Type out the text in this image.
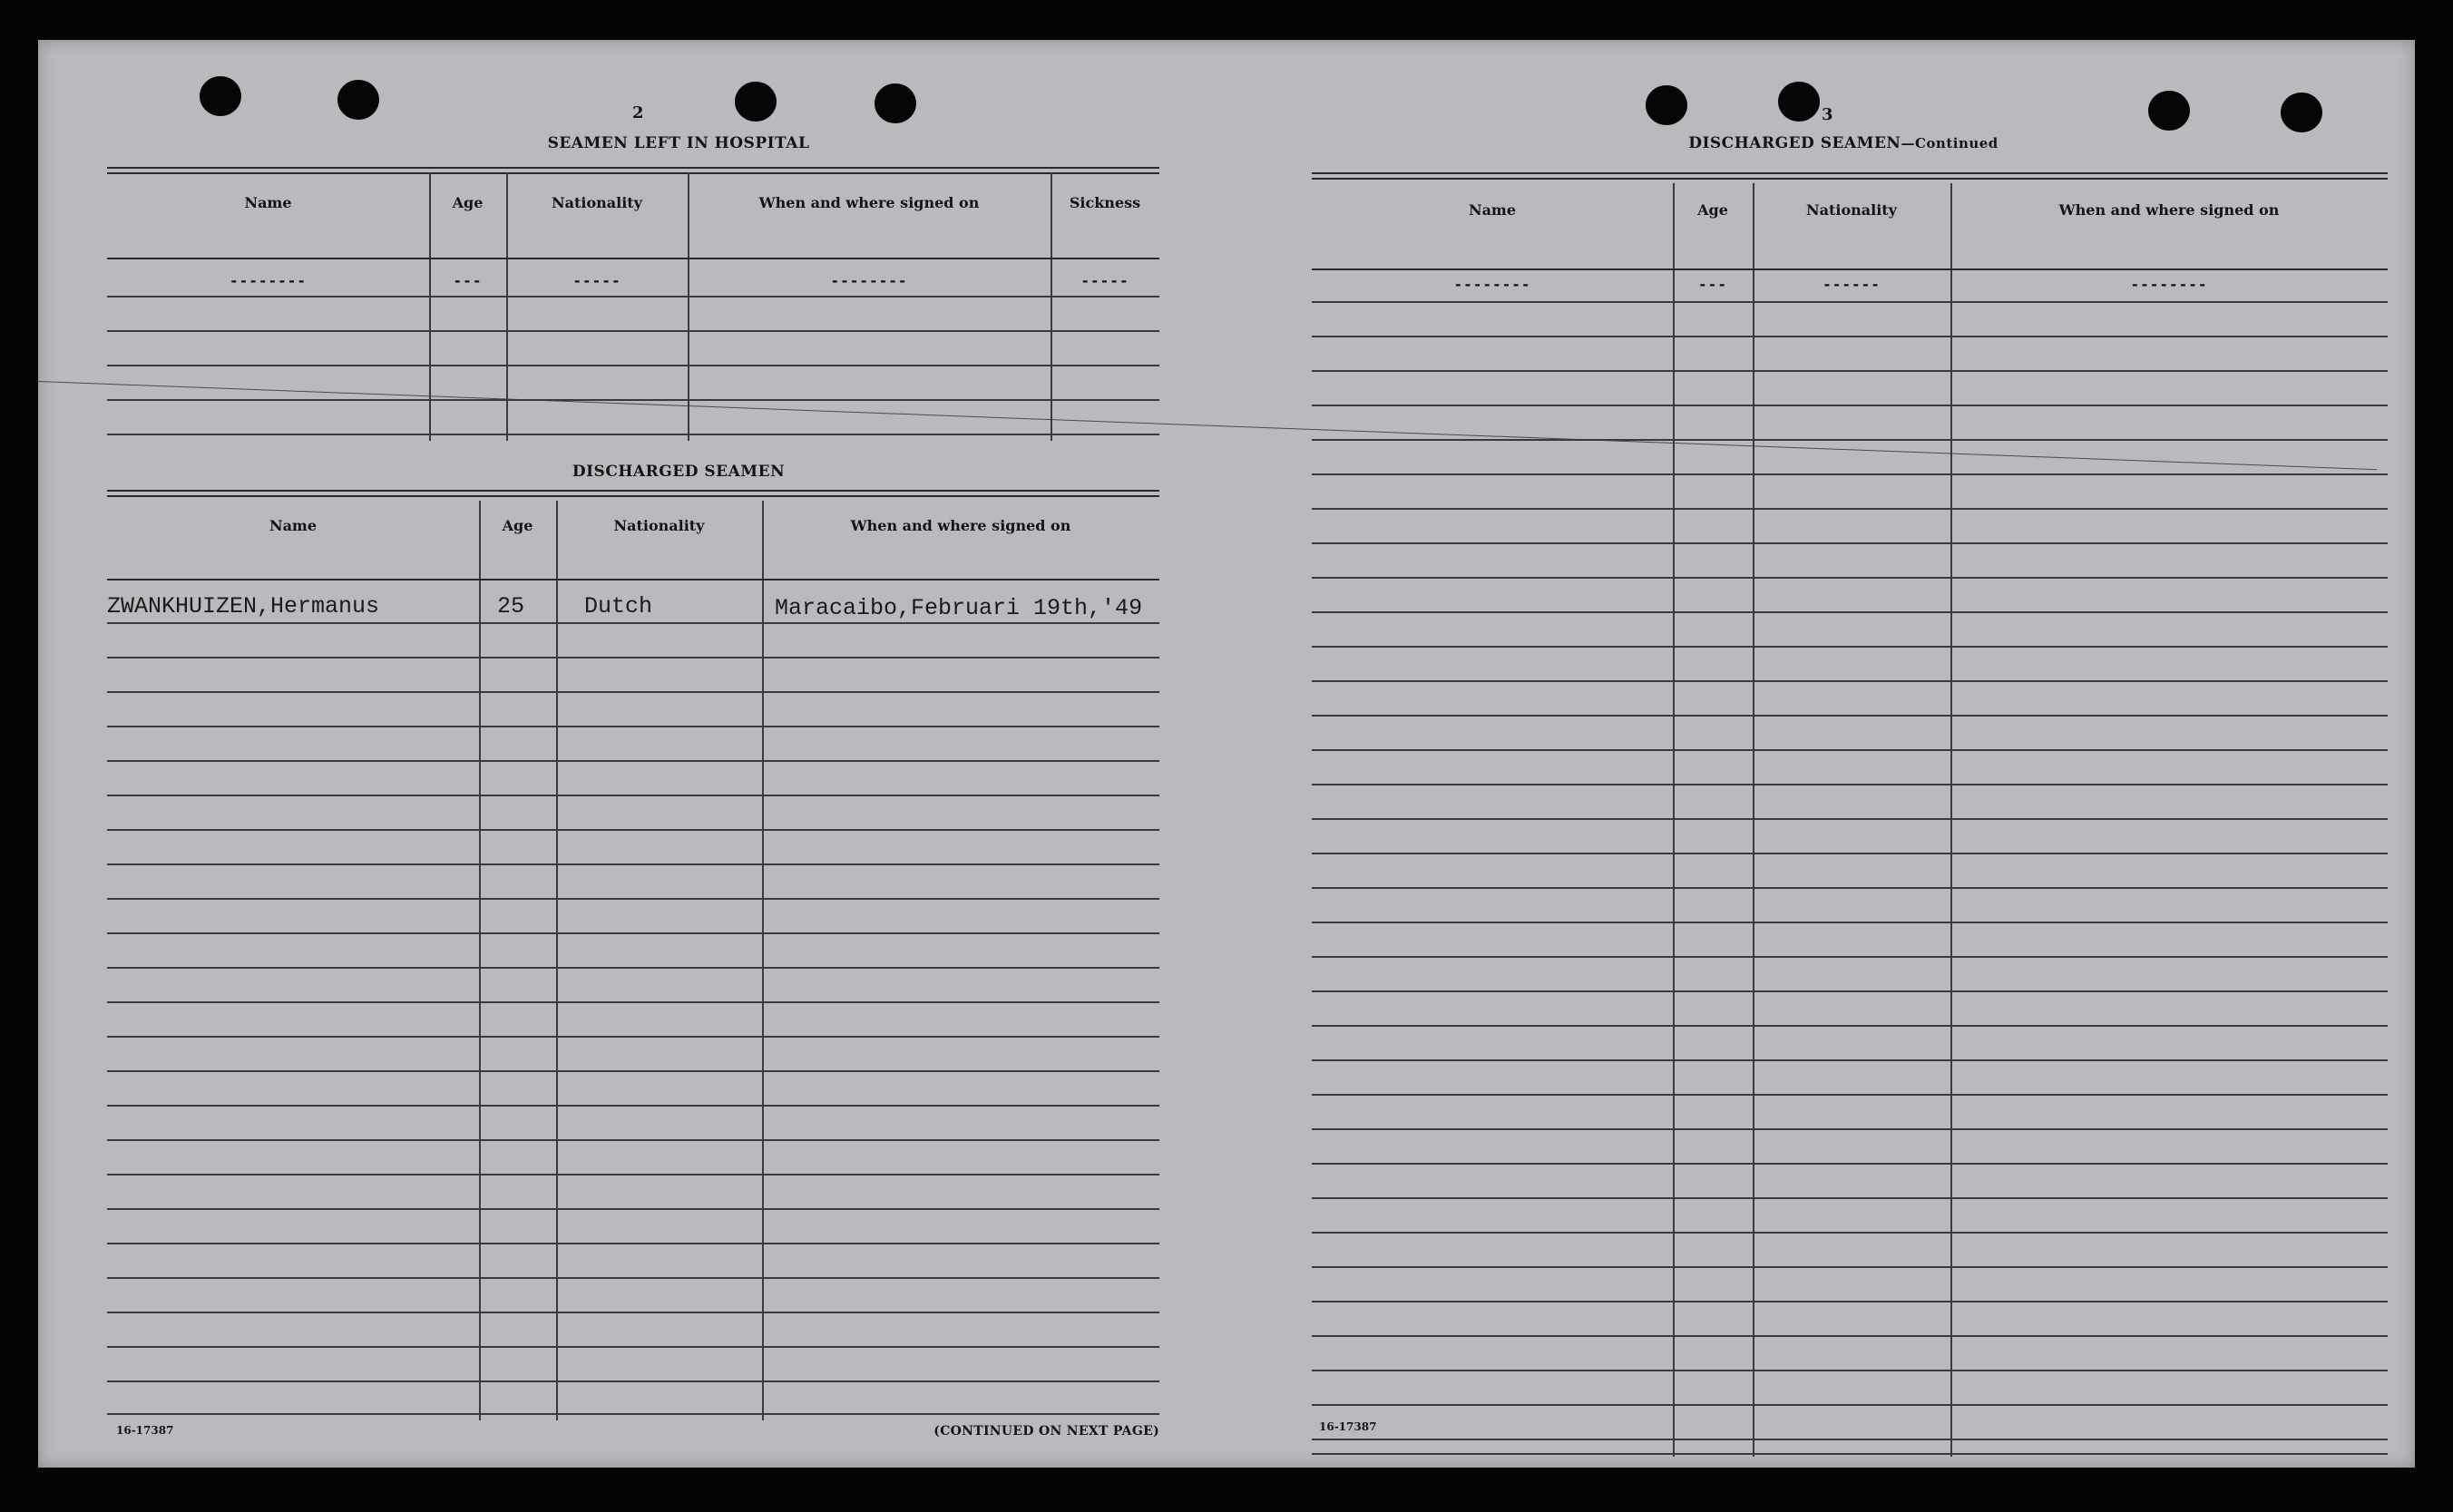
2
SEAMEN LEFT IN HOSPITAL
Name	Age	Nationality	When and where signed on	Sickness
--------	---	-----	--------	-----
DISCHARGED SEAMEN
Name	Age	Nationality	When and where signed on
ZWANKHUIZEN,Hermanus	25	Dutch	Maracaibo,Februari 19th,'49
16-17387	(CONTINUED ON NEXT PAGE)
3
DISCHARGED SEAMEN—Continued
Name	Age	Nationality	When and where signed on
--------	---	------	--------
16-17387
